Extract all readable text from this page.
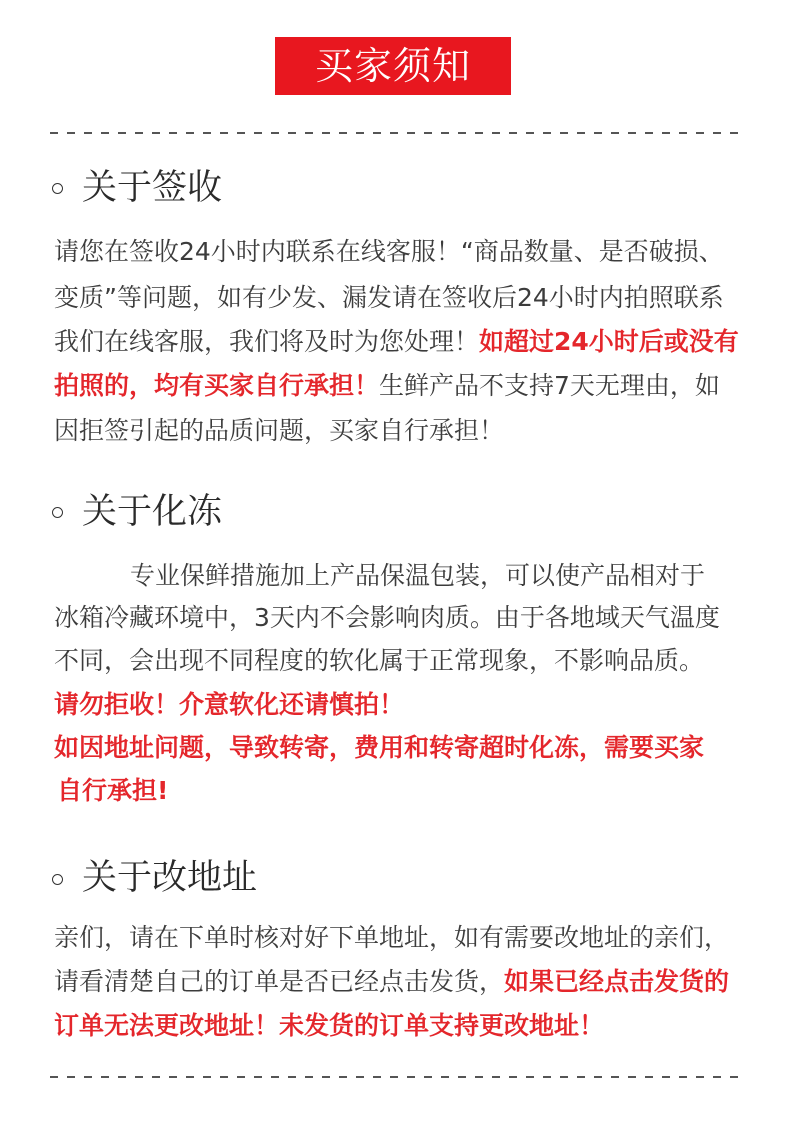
买家须知
关于签收
请您在签收24小时内联系在线客服！“商品数量、是否破损、
变质”等问题，如有少发、漏发请在签收后24小时内拍照联系
我们在线客服，我们将及时为您处理！ 如超过24小时后或没有
拍照的，均有买家自行承担！ 生鲜产品不支持7天无理由，如
因拒签引起的品质问题，买家自行承担！
关于化冻
专业保鲜措施加上产品保温包装，可以使产品相对于
冰箱冷藏环境中，3天内不会影响肉质。由于各地域天气温度
不同，会出现不同程度的软化属于正常现象，不影响品质。
请勿拒收！介意软化还请慎拍！
如因地址问题，导致转寄，费用和转寄超时化冻，需要买家
自行承担!
关于改地址
亲们，请在下单时核对好下单地址，如有需要改地址的亲们，
请看清楚自己的订单是否已经点击发货， 如果已经点击发货的
订单无法更改地址！未发货的订单支持更改地址！
